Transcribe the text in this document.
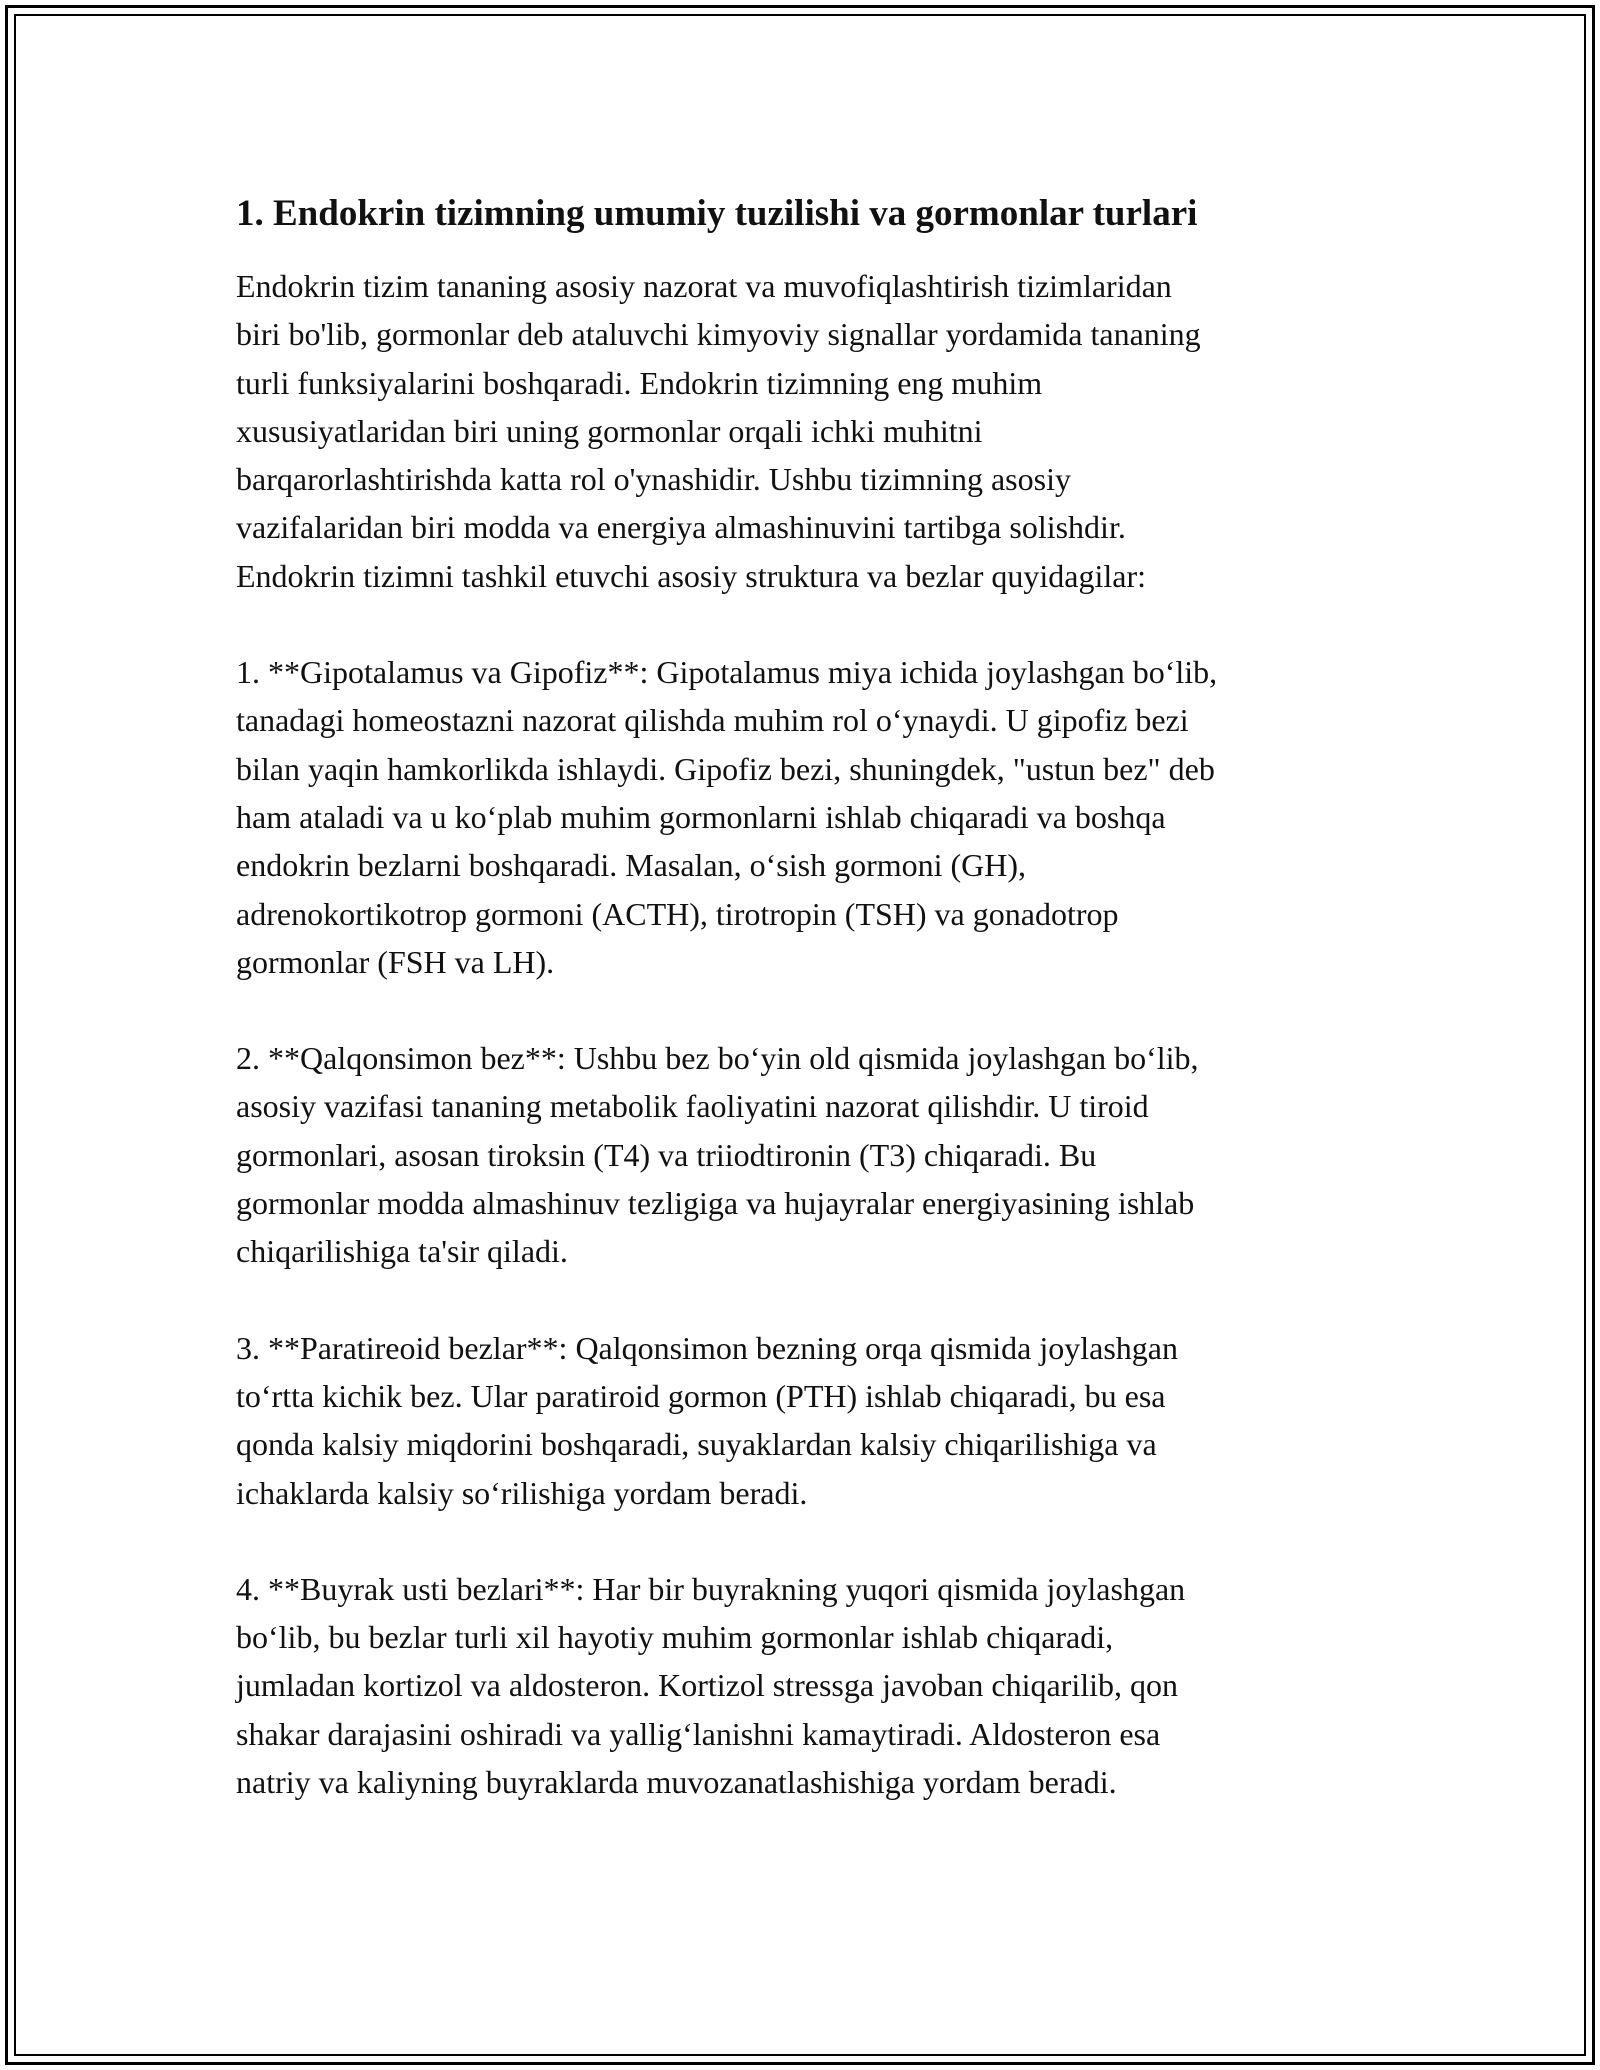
1. Endokrin tizimning umumiy tuzilishi va gormonlar turlari
Endokrin tizim tananing asosiy nazorat va muvofiqlashtirish tizimlaridan
biri bo'lib, gormonlar deb ataluvchi kimyoviy signallar yordamida tananing
turli funksiyalarini boshqaradi. Endokrin tizimning eng muhim
xususiyatlaridan biri uning gormonlar orqali ichki muhitni
barqarorlashtirishda katta rol o'ynashidir. Ushbu tizimning asosiy
vazifalaridan biri modda va energiya almashinuvini tartibga solishdir.
Endokrin tizimni tashkil etuvchi asosiy struktura va bezlar quyidagilar:
1. **Gipotalamus va Gipofiz**: Gipotalamus miya ichida joylashgan bo‘lib,
tanadagi homeostazni nazorat qilishda muhim rol o‘ynaydi. U gipofiz bezi
bilan yaqin hamkorlikda ishlaydi. Gipofiz bezi, shuningdek, "ustun bez" deb
ham ataladi va u ko‘plab muhim gormonlarni ishlab chiqaradi va boshqa
endokrin bezlarni boshqaradi. Masalan, o‘sish gormoni (GH),
adrenokortikotrop gormoni (ACTH), tirotropin (TSH) va gonadotrop
gormonlar (FSH va LH).
2. **Qalqonsimon bez**: Ushbu bez bo‘yin old qismida joylashgan bo‘lib,
asosiy vazifasi tananing metabolik faoliyatini nazorat qilishdir. U tiroid
gormonlari, asosan tiroksin (T4) va triiodtironin (T3) chiqaradi. Bu
gormonlar modda almashinuv tezligiga va hujayralar energiyasining ishlab
chiqarilishiga ta'sir qiladi.
3. **Paratireoid bezlar**: Qalqonsimon bezning orqa qismida joylashgan
to‘rtta kichik bez. Ular paratiroid gormon (PTH) ishlab chiqaradi, bu esa
qonda kalsiy miqdorini boshqaradi, suyaklardan kalsiy chiqarilishiga va
ichaklarda kalsiy so‘rilishiga yordam beradi.
4. **Buyrak usti bezlari**: Har bir buyrakning yuqori qismida joylashgan
bo‘lib, bu bezlar turli xil hayotiy muhim gormonlar ishlab chiqaradi,
jumladan kortizol va aldosteron. Kortizol stressga javoban chiqarilib, qon
shakar darajasini oshiradi va yallig‘lanishni kamaytiradi. Aldosteron esa
natriy va kaliyning buyraklarda muvozanatlashishiga yordam beradi.
